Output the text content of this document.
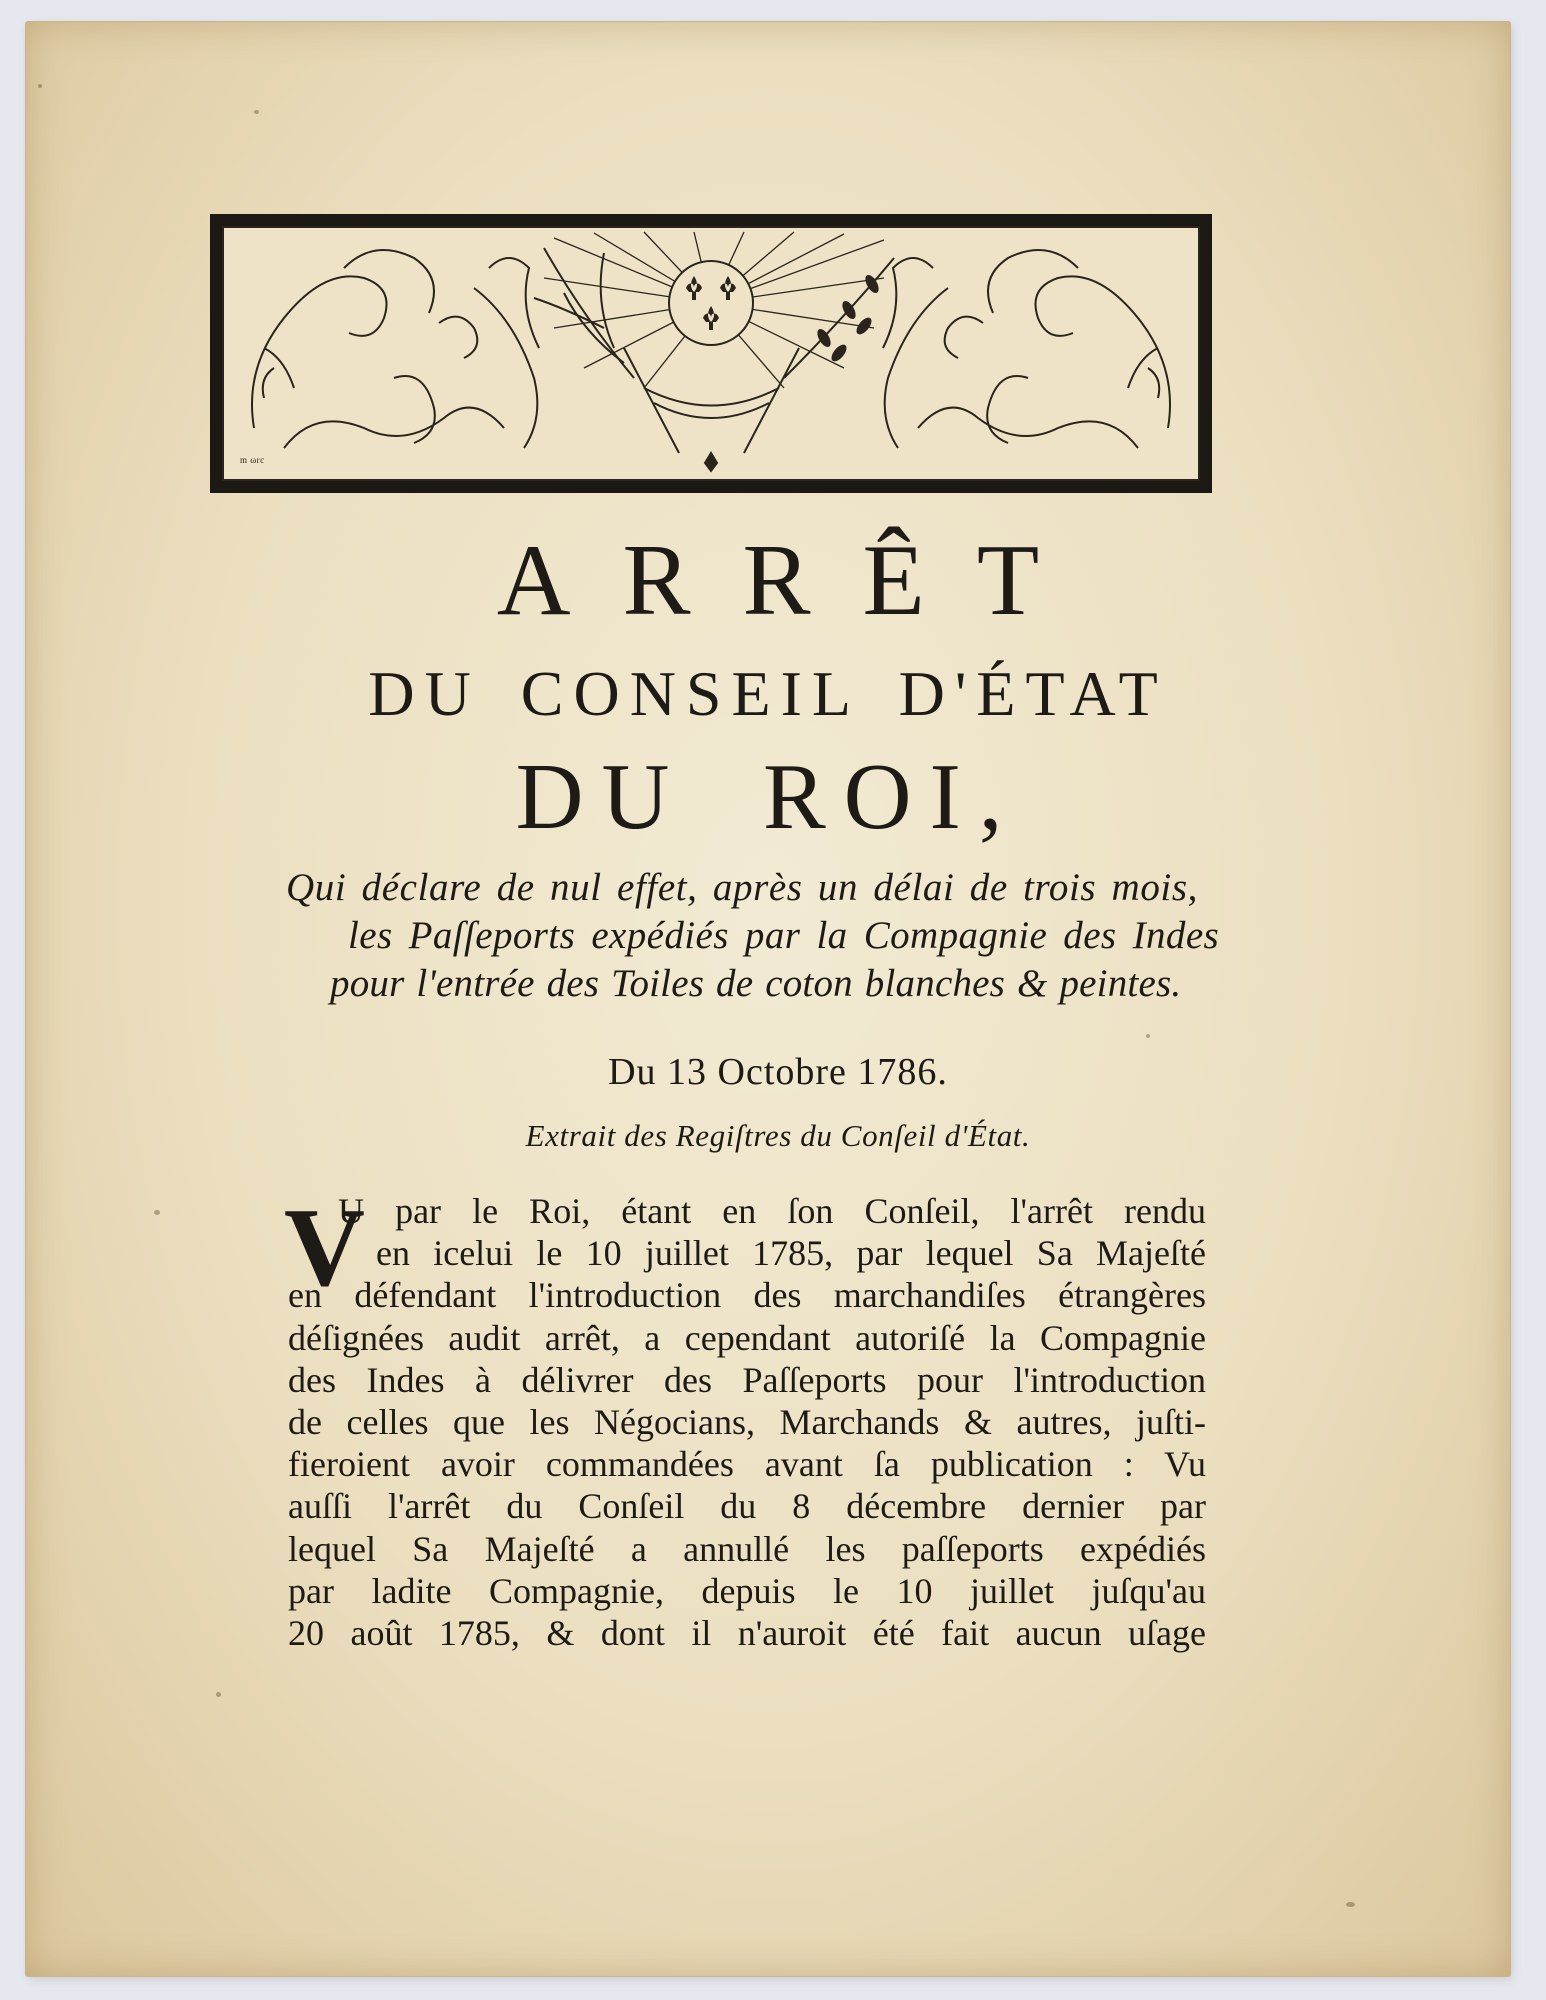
m ωrc
ARRÊT
DU CONSEIL D'ÉTAT
DU ROI,
Qui déclare de nul effet, après un délai de trois mois,
les Paſſeports expédiés par la Compagnie des Indes
pour l'entrée des Toiles de coton blanches & peintes.
Du 13 Octobre 1786.
Extrait des Regiſtres du Conſeil d'État.
V
U par le Roi, étant en ſon Conſeil, l'arrêt rendu
en icelui le 10 juillet 1785, par lequel Sa Majeſté
en défendant l'introduction des marchandiſes étrangères
déſignées audit arrêt, a cependant autoriſé la Compagnie
des Indes à délivrer des Paſſeports pour l'introduction
de celles que les Négocians, Marchands & autres, juſti-
fieroient avoir commandées avant ſa publication : Vu
auſſi l'arrêt du Conſeil du 8 décembre dernier par
lequel Sa Majeſté a annullé les paſſeports expédiés
par ladite Compagnie, depuis le 10 juillet juſqu'au
20 août 1785, & dont il n'auroit été fait aucun uſage
